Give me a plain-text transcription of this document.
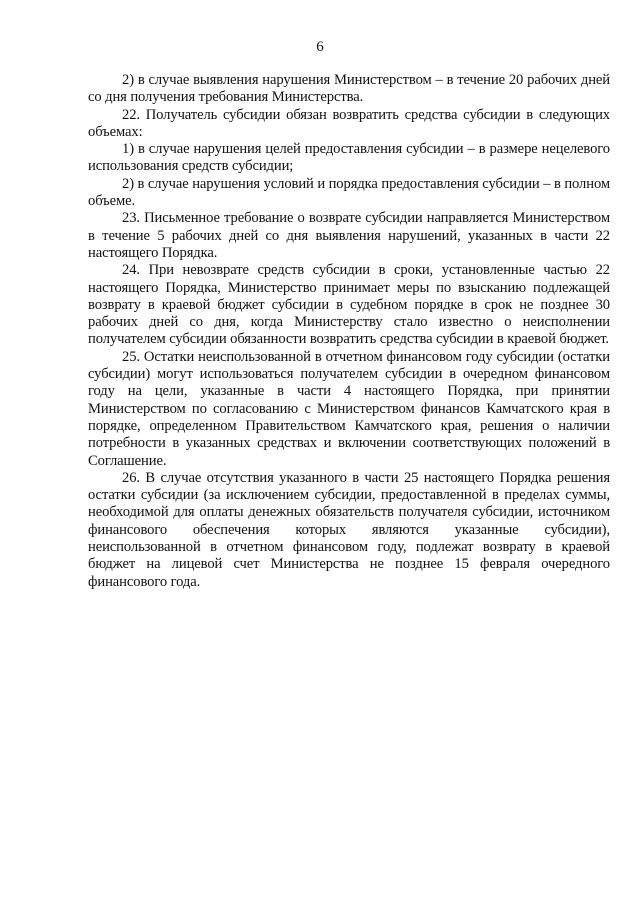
6

2) в случае выявления нарушения Министерством – в течение 20 рабочих дней со дня получения требования Министерства.

22. Получатель субсидии обязан возвратить средства субсидии в следующих объемах:

1) в случае нарушения целей предоставления субсидии – в размере нецелевого использования средств субсидии;

2) в случае нарушения условий и порядка предоставления субсидии – в полном объеме.

23. Письменное требование о возврате субсидии направляется Министерством в течение 5 рабочих дней со дня выявления нарушений, указанных в части 22 настоящего Порядка.

24. При невозврате средств субсидии в сроки, установленные частью 22 настоящего Порядка, Министерство принимает меры по взысканию подлежащей возврату в краевой бюджет субсидии в судебном порядке в срок не позднее 30 рабочих дней со дня, когда Министерству стало известно о неисполнении получателем субсидии обязанности возвратить средства субсидии в краевой бюджет.

25. Остатки неиспользованной в отчетном финансовом году субсидии (остатки субсидии) могут использоваться получателем субсидии в очередном финансовом году на цели, указанные в части 4 настоящего Порядка, при принятии Министерством по согласованию с Министерством финансов Камчатского края в порядке, определенном Правительством Камчатского края, решения о наличии потребности в указанных средствах и включении соответствующих положений в Соглашение.

26. В случае отсутствия указанного в части 25 настоящего Порядка решения остатки субсидии (за исключением субсидии, предоставленной в пределах суммы, необходимой для оплаты денежных обязательств получателя субсидии, источником финансового обеспечения которых являются указанные субсидии), неиспользованной в отчетном финансовом году, подлежат возврату в краевой бюджет на лицевой счет Министерства не позднее 15 февраля очередного финансового года.
